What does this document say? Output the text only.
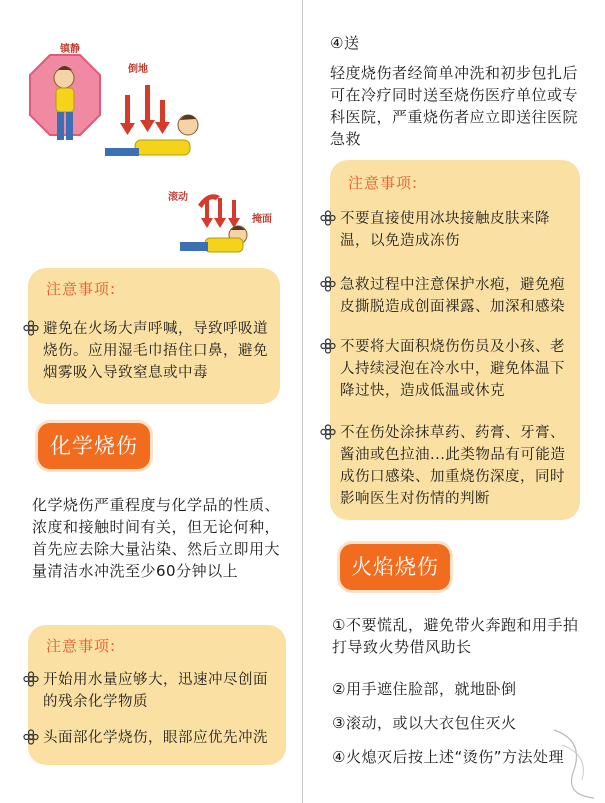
镇静
倒地
滚动
掩面
注意事项:
避免在火场大声呼喊，导致呼吸道烧伤。应用湿毛巾捂住口鼻，避免烟雾吸入导致窒息或中毒
化学烧伤
化学烧伤严重程度与化学品的性质、浓度和接触时间有关，但无论何种，首先应去除大量沾染、然后立即用大量清洁水冲洗至少60分钟以上
注意事项:
开始用水量应够大，迅速冲尽创面的残余化学物质
头面部化学烧伤，眼部应优先冲洗
④送
轻度烧伤者经简单冲洗和初步包扎后可在冷疗同时送至烧伤医疗单位或专科医院，严重烧伤者应立即送往医院急救
注意事项:
不要直接使用冰块接触皮肤来降温，以免造成冻伤
急救过程中注意保护水疱，避免疱皮撕脱造成创面裸露、加深和感染
不要将大面积烧伤伤员及小孩、老人持续浸泡在冷水中，避免体温下降过快，造成低温或休克
不在伤处涂抹草药、药膏、牙膏、酱油或色拉油...此类物品有可能造成伤口感染、加重烧伤深度，同时影响医生对伤情的判断
火焰烧伤
①不要慌乱，避免带火奔跑和用手拍打导致火势借风助长
②用手遮住脸部，就地卧倒
③滚动，或以大衣包住灭火
④火熄灭后按上述“烫伤”方法处理
